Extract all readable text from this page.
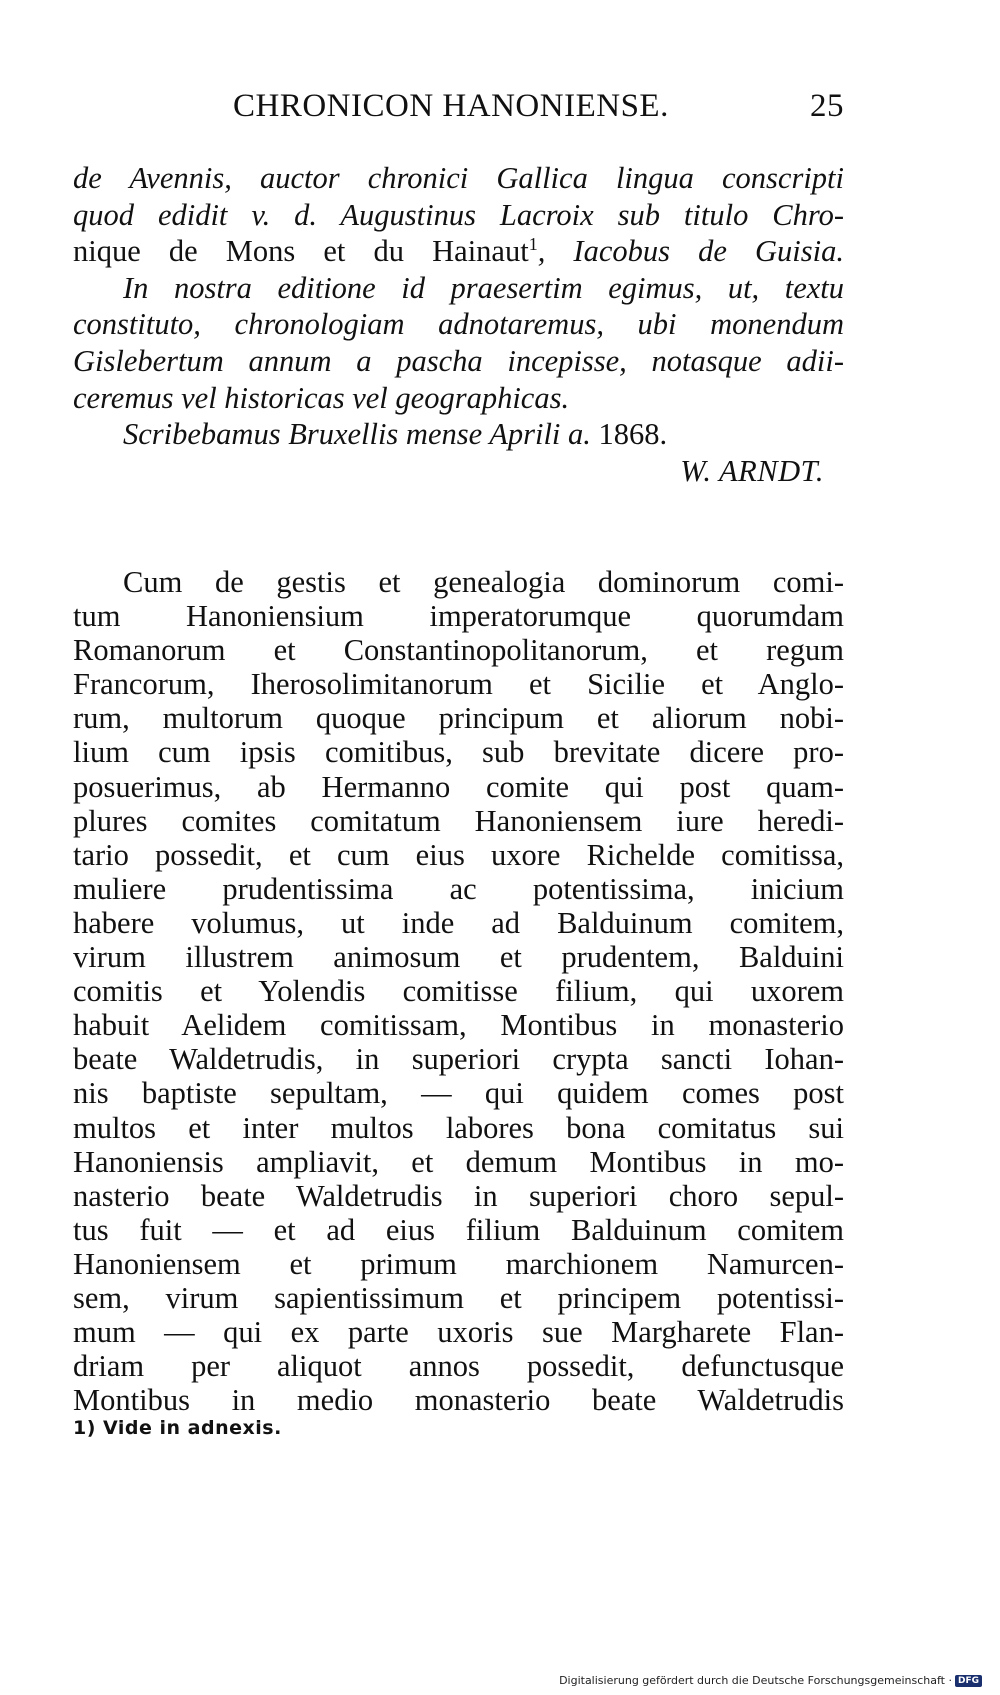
CHRONICON HANONIENSE.	25
de Avennis, auctor chronici Gallica lingua conscripti
quod edidit v. d. Augustinus Lacroix sub titulo Chro-
nique de Mons et du Hainaut$^1$, Iacobus de Guisia.
In nostra editione id praesertim egimus, ut, textu
constituto, chronologiam adnotaremus, ubi monendum
Gislebertum annum a pascha incepisse, notasque adii-
ceremus vel historicas vel geographicas.
Scribebamus Bruxellis mense Aprili a. 1868.
W. ARNDT.
Cum de gestis et genealogia dominorum comi-
tum Hanoniensium imperatorumque quorumdam
Romanorum et Constantinopolitanorum, et regum
Francorum, Iherosolimitanorum et Sicilie et Anglo-
rum, multorum quoque principum et aliorum nobi-
lium cum ipsis comitibus, sub brevitate dicere pro-
posuerimus, ab Hermanno comite qui post quam-
plures comites comitatum Hanoniensem iure heredi-
tario possedit, et cum eius uxore Richelde comitissa,
muliere prudentissima ac potentissima, inicium
habere volumus, ut inde ad Balduinum comitem,
virum illustrem animosum et prudentem, Balduini
comitis et Yolendis comitisse filium, qui uxorem
habuit Aelidem comitissam, Montibus in monasterio
beate Waldetrudis, in superiori crypta sancti Iohan-
nis baptiste sepultam, — qui quidem comes post
multos et inter multos labores bona comitatus sui
Hanoniensis ampliavit, et demum Montibus in mo-
nasterio beate Waldetrudis in superiori choro sepul-
tus fuit — et ad eius filium Balduinum comitem
Hanoniensem et primum marchionem Namurcen-
sem, virum sapientissimum et principem potentissi-
mum — qui ex parte uxoris sue Margharete Flan-
driam per aliquot annos possedit, defunctusque
Montibus in medio monasterio beate Waldetrudis
1) Vide in adnexis.
Digitalisierung gefördert durch die Deutsche Forschungsgemeinschaft · DFG
